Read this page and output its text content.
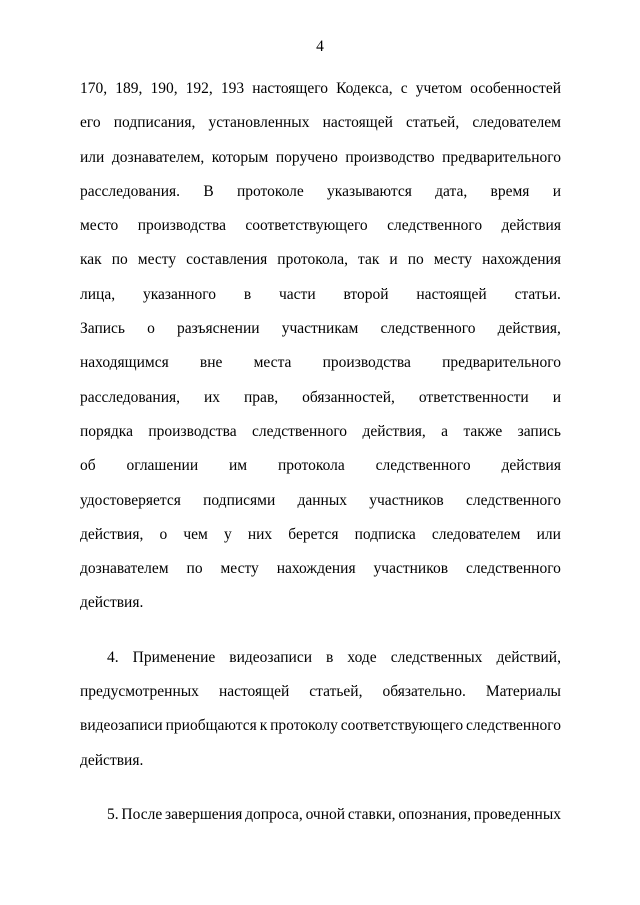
4
170, 189, 190, 192, 193 настоящего Кодекса, с учетом особенностей
его подписания, установленных настоящей статьей, следователем
или дознавателем, которым поручено производство предварительного
расследования. В протоколе указываются дата, время и
место производства соответствующего следственного действия
как по месту составления протокола, так и по месту нахождения
лица, указанного в части второй настоящей статьи.
Запись о разъяснении участникам следственного действия,
находящимся вне места производства предварительного
расследования, их прав, обязанностей, ответственности и
порядка производства следственного действия, а также запись
об оглашении им протокола следственного действия
удостоверяется подписями данных участников следственного
действия, о чем у них берется подписка следователем или
дознавателем по месту нахождения участников следственного
действия.
4. Применение видеозаписи в ходе следственных действий,
предусмотренных настоящей статьей, обязательно. Материалы
видеозаписи приобщаются к протоколу соответствующего следственного
действия.
5. После завершения допроса, очной ставки, опознания, проведенных
